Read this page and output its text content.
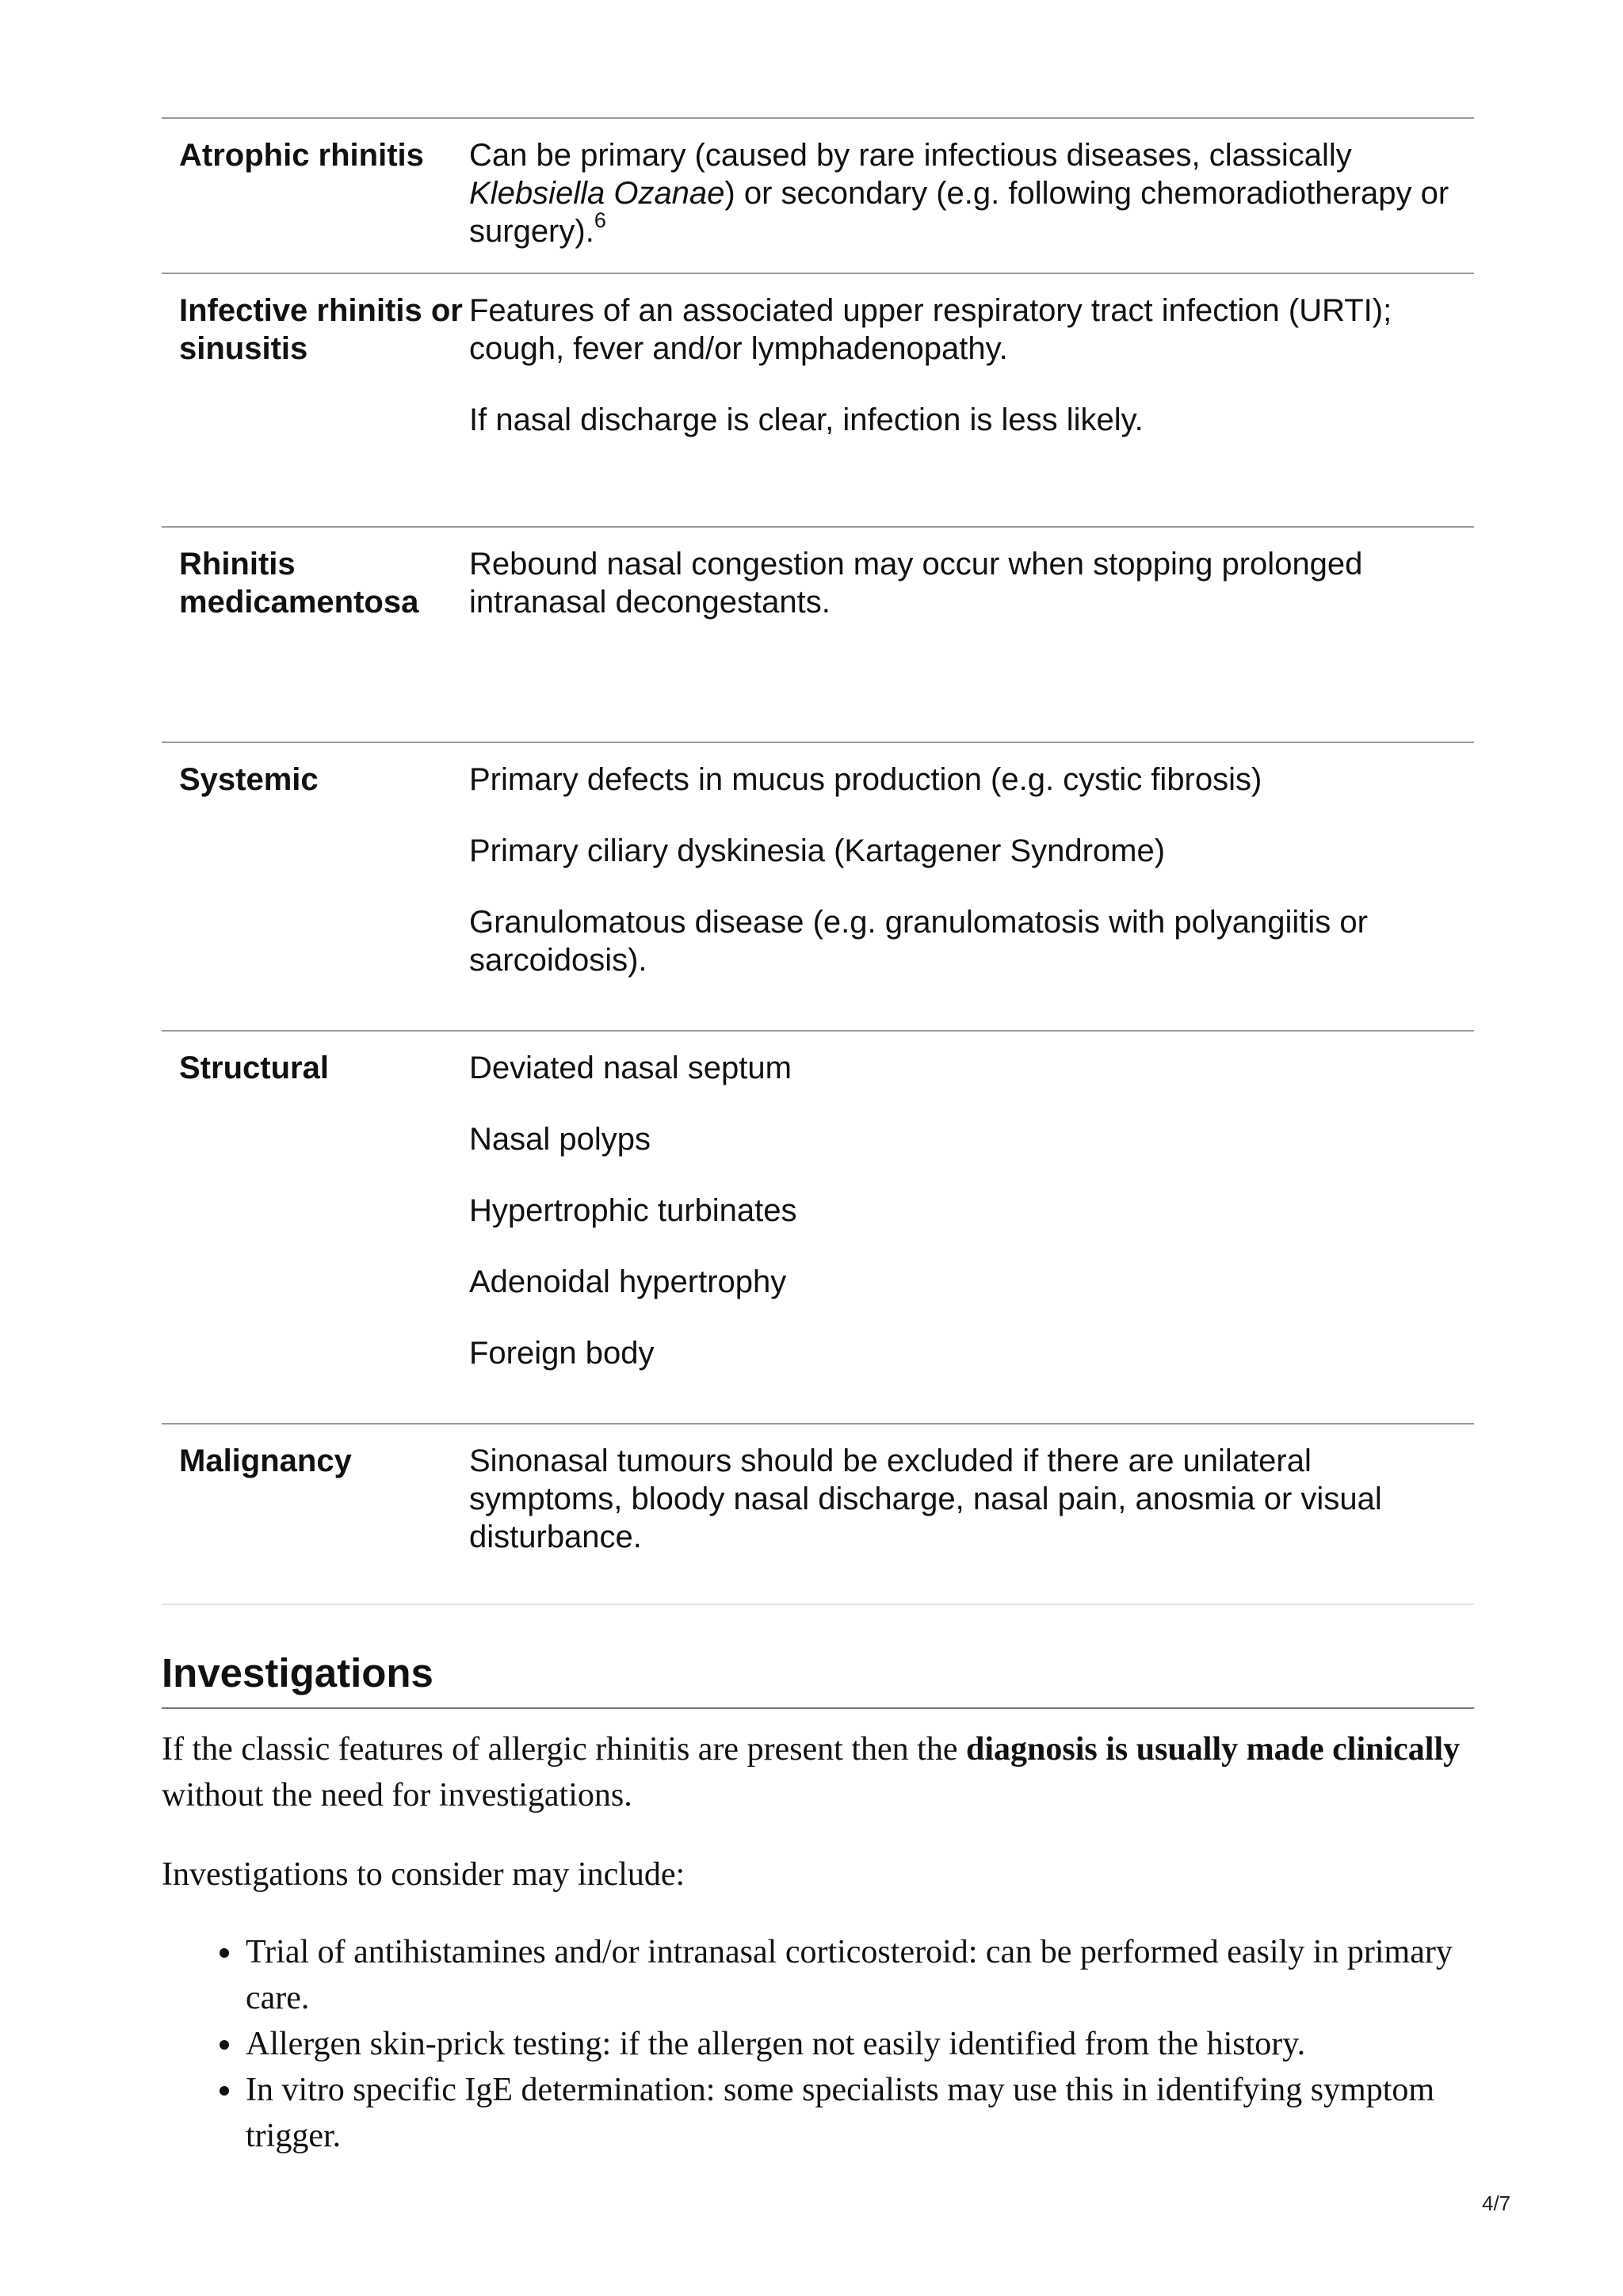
Atrophic rhinitis	Can be primary (caused by rare infectious diseases, classically Klebsiella Ozanae) or secondary (e.g. following chemoradiotherapy or surgery).$^6$

Infective rhinitis or sinusitis	Features of an associated upper respiratory tract infection (URTI); cough, fever and/or lymphadenopathy.

If nasal discharge is clear, infection is less likely.

Rhinitis medicamentosa	Rebound nasal congestion may occur when stopping prolonged intranasal decongestants.

Systemic	Primary defects in mucus production (e.g. cystic fibrosis)

Primary ciliary dyskinesia (Kartagener Syndrome)

Granulomatous disease (e.g. granulomatosis with polyangiitis or sarcoidosis).

Structural	Deviated nasal septum

Nasal polyps

Hypertrophic turbinates

Adenoidal hypertrophy

Foreign body

Malignancy	Sinonasal tumours should be excluded if there are unilateral symptoms, bloody nasal discharge, nasal pain, anosmia or visual disturbance.

Investigations

If the classic features of allergic rhinitis are present then the diagnosis is usually made clinically without the need for investigations.

Investigations to consider may include:

• Trial of antihistamines and/or intranasal corticosteroid: can be performed easily in primary care.
• Allergen skin-prick testing: if the allergen not easily identified from the history.
• In vitro specific IgE determination: some specialists may use this in identifying symptom trigger.
4/7
